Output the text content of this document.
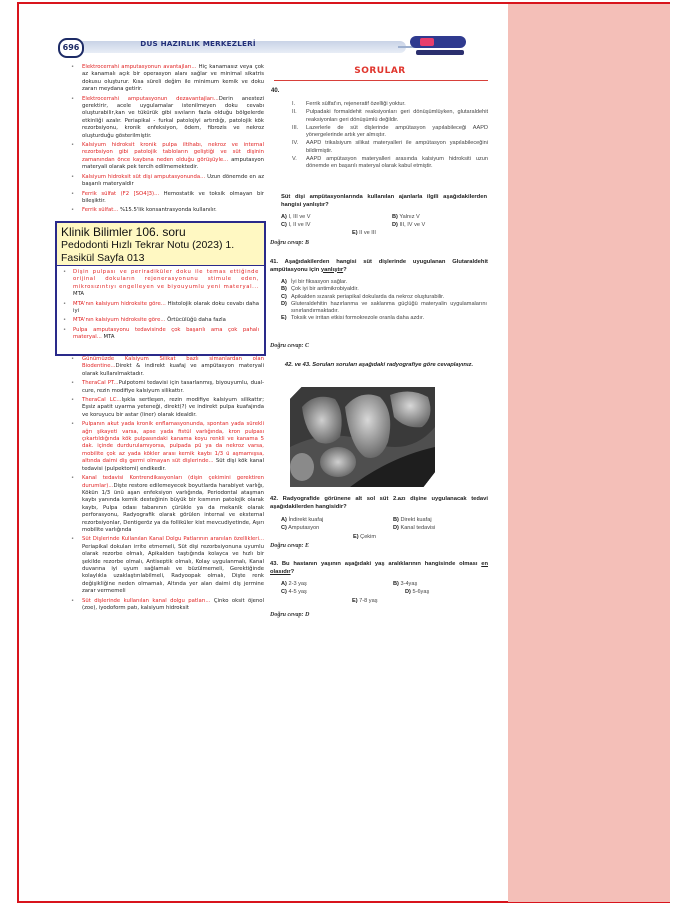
696	DUS HAZIRLIK MERKEZLERİ
• Elektrocerrahi amputasyonun avantajları... Hiç kanamasız veya çok az kanamalı açık bir operasyon alanı sağlar ve minimal sikatris dokusu oluşturur. Kısa süreli değim ile minimum kemik ve doku zararı meydana getirir.
• Elektrocerrahi amputasyonun dezavantajları...Derin anestezi gerektirir, acele uygulamalar istenilmeyen doku cevabı oluşturabilir,kan ve tükürük gibi sıvıların fazla olduğu bölgelerde etkinliği azalır. Periapikal - furkal patolojiyi artırdığı, patolojik kök rezorbsiyonu, kronik enfeksiyon, ödem, fibrozis ve nekroz oluşturduğu gösterilmiştir.
• Kalsiyum hidroksit kronik pulpa iltihabı, nekroz ve internal rezorbsiyon gibi patolojik tabloların geliştiği ve süt dişinin zamanından önce kaybına neden olduğu görüşüyle... amputasyon materyali olarak pek tercih edilmemektedir.
• Kalsiyum hidroksit süt dişi amputasyonunda... Uzun dönemde en az başarılı materyaldir
• Ferrik sülfat (F2 [SO4]3)... Hemostatik ve toksik olmayan bir bileşiktir.
• Ferrik sülfat... %15.5'lik konsantrasyonda kullanılır.
• Günümüzde Kalsiyum Silikat bazlı simanlardan olan Biodentine...Direkt & indirekt kuafaj ve ampütasyon materyali olarak kullanılmaktadır.
• TheraCal PT...Pulpotomi tedavisi için tasarlanmış, biyouyumlu, dual-cure, rezin modifiye kalsiyum silikattır.
• TheraCal LC...Işıkla sertleşen, rezin modifiye kalsiyum silikattır; Eşsiz apatit uyarma yeteneği, direkt(?) ve indirekt pulpa kuafajında ve koruyucu bir astar (liner) olarak idealdir.
• Pulpanın akut yada kronik enflamasyonunda, spontan yada sürekli ağrı şikayeti varsa, apse yada fistül varlığında, kron pulpası çıkartıldığında kök pulpasındaki kanama koyu renkli ve kanama 5 dak. içinde durdurulamıyorsa, pulpada pü ya da nekroz varsa, mobilite çok az yada kökler arası kemik kaybı 1/3 ü aşmamışsa, altında daimi diş germi olmayan süt dişlerinde... Süt dişi kök kanal tedavisi (pulpektomi) endikedir.
• Kanal tedavisi Kontrendikasyonları (dişin çekimini gerektiren durumlar)...Dişte restore edilemeyecek boyutlarda harabiyet varlığı, Kökün 1/3 ünü aşan enfeksiyon varlığında, Periodontal ataşman kaybı yanında kemik desteğinin büyük bir kısmının patolojik olarak kaybı, Pulpa odası tabanının çürükle ya da mekanik olarak perforasyonu, Radyografik olarak görülen internal ve eksternal rezorbsiyonlar, Dentigeröz ya da folliküler kist mevcudiyetinde, Aşırı mobilite varlığında
• Süt Dişlerinde Kullanılan Kanal Dolgu Patlarının aranılan özellikleri... Periapikal dokuları irrite etmemeli, Süt dişi rezorbsiyonuna uyumlu olarak rezorbe olmalı, Apikalden taştığında kolayca ve hızlı bir şekilde rezorbe olmalı, Antiseptik olmalı, Kolay uygulanmalı, Kanal duvarına iyi uyum sağlamalı ve büzülmemeli, Gerektiğinde kolaylıkla uzaklaştırılabilmeli, Radyoopak olmalı, Dişte renk değişikliğine neden olmamalı, Altında yer alan daimi diş jermine zarar vermemeli
• Süt dişlerinde kullanılan kanal dolgu patları... Çinko oksit öjenol (zoe), iyodoform patı, kalsiyum hidroksit
Klinik Bilimler 106. soru
Pedodonti Hızlı Tekrar Notu (2023) 1. Fasikül Sayfa 013
• Dişin pulpası ve periradiküler doku ile temas ettiğinde orijinal dokuların rejenerasyonunu stimule eden, mikrosızıntıyı engelleyen ve biyouyumlu yeni materyal... MTA
• MTA'nın kalsiyum hidroksite göre... Histolojik olarak doku cevabı daha iyi
• MTA'nın kalsiyum hidroksite göre... Örtücülüğü daha fazla
• Pulpa amputasyonu tedavisinde çok başarılı ama çok pahalı materyal... MTA
SORULAR
40.
I. Ferrik sülfat'ın, rejeneratif özelliği yoktur.
II. Pulpadaki formaldehit reaksiyonları geri dönüşümlüyken, glutaraldehit reaksiyonları geri dönüşümlü değildir.
III. Lazerlerle de süt dişlerinde ampütasyon yapılabileceği AAPD yönergelerinde artık yer almıştır.
IV. AAPD trikalsiyum silikat materyalleri ile ampütasyon yapılabileceğini bildirmiştir.
V. AAPD ampütasyon materyalleri arasında kalsiyum hidroksiti uzun dönemde en başarılı materyal olarak kabul etmiştir.
Süt dişi ampütasyonlarında kullanılan ajanlarla ilgili aşağıdakilerden hangisi yanlıştır?
A) I, III ve V	B) Yalnız V
C) I, II ve IV	D) III, IV ve V
E) II ve III
Doğru cevap: B
41. Aşağıdakilerden hangisi süt dişlerinde uyugulanan Glutaraldehit ampütasyonu için yanlıştır?
A) İyi bir fiksasyon sağlar.
B) Çok iyi bir antimikrobiyaldir.
C) Apikalden sızarak periapikal dokularda da nekroz oluşturabilir.
D) Gluteraldehitin hazırlanma ve saklanma güçlüğü materyalin uygulamalarını sınırlandırmaktadır.
E) Toksik ve irritan etkisi formokrezole oranla daha azdır.
Doğru cevap: C
42. ve 43. Soruları soruları aşağıdaki radyografiye göre cevaplayınız.
42. Radyografide görünene alt sol süt 2.azı dişine uygulanacak tedavi aşağıdakilerden hangisidir?
A) İndirekt kuafaj	B) Direkt kuafaj
C) Amputasyon	D) Kanal tedavisi
E) Çekim
Doğru cevap: E
43. Bu hastanın yaşının aşağıdaki yaş aralıklarının hangisinde olması en olasıdır?
A) 2-3 yaş	B) 3-4yaş
C) 4-5 yaş	D) 5-6yaş
E) 7-8 yaş
Doğru cevap: D
